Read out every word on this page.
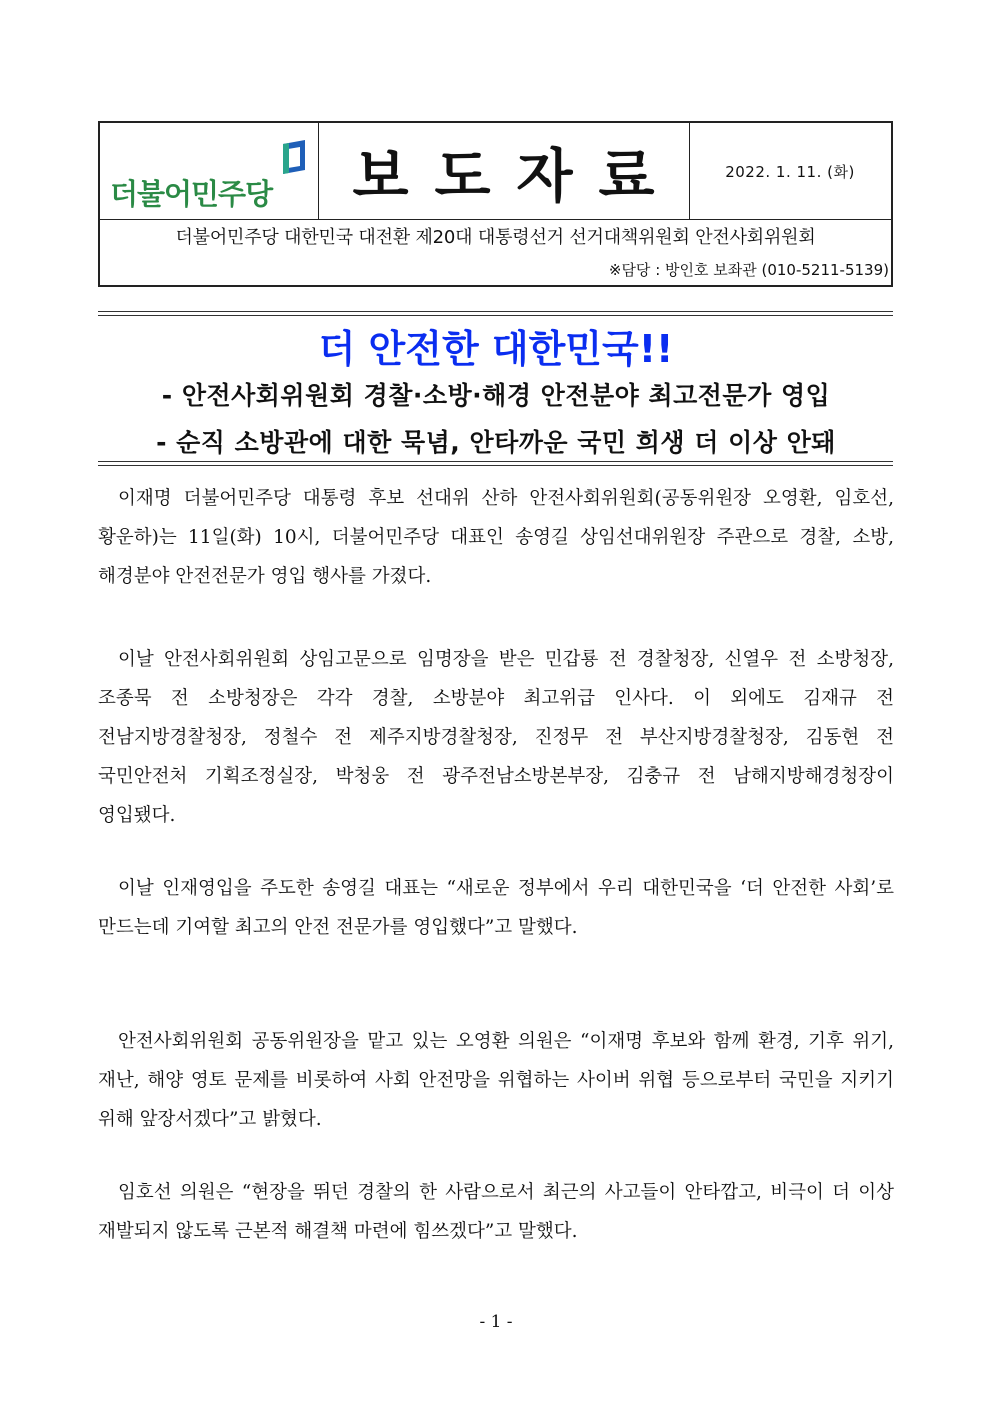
더불어민주당 보도자료	2022. 1. 11. (화)
더불어민주당 대한민국 대전환 제20대 대통령선거 선거대책위원회 안전사회위원회
※담당 : 방인호 보좌관 (010-5211-5139)
더 안전한 대한민국!!
- 안전사회위원회 경찰·소방·해경 안전분야 최고전문가 영입
- 순직 소방관에 대한 묵념, 안타까운 국민 희생 더 이상 안돼

이재명 더불어민주당 대통령 후보 선대위 산하 안전사회위원회(공동위원장 오영환, 임호선, 황운하)는 11일(화) 10시, 더불어민주당 대표인 송영길 상임선대위원장 주관으로 경찰, 소방, 해경분야 안전전문가 영입 행사를 가졌다.

이날 안전사회위원회 상임고문으로 임명장을 받은 민갑룡 전 경찰청장, 신열우 전 소방청장, 조종묵 전 소방청장은 각각 경찰, 소방분야 최고위급 인사다. 이 외에도 김재규 전 전남지방경찰청장, 정철수 전 제주지방경찰청장, 진정무 전 부산지방경찰청장, 김동현 전 국민안전처 기획조정실장, 박청웅 전 광주전남소방본부장, 김충규 전 남해지방해경청장이 영입됐다.

이날 인재영입을 주도한 송영길 대표는 “새로운 정부에서 우리 대한민국을 ‘더 안전한 사회’로 만드는데 기여할 최고의 안전 전문가를 영입했다”고 말했다.

안전사회위원회 공동위원장을 맡고 있는 오영환 의원은 “이재명 후보와 함께 환경, 기후 위기, 재난, 해양 영토 문제를 비롯하여 사회 안전망을 위협하는 사이버 위협 등으로부터 국민을 지키기 위해 앞장서겠다”고 밝혔다.

임호선 의원은 “현장을 뛰던 경찰의 한 사람으로서 최근의 사고들이 안타깝고, 비극이 더 이상 재발되지 않도록 근본적 해결책 마련에 힘쓰겠다”고 말했다.

- 1 -
